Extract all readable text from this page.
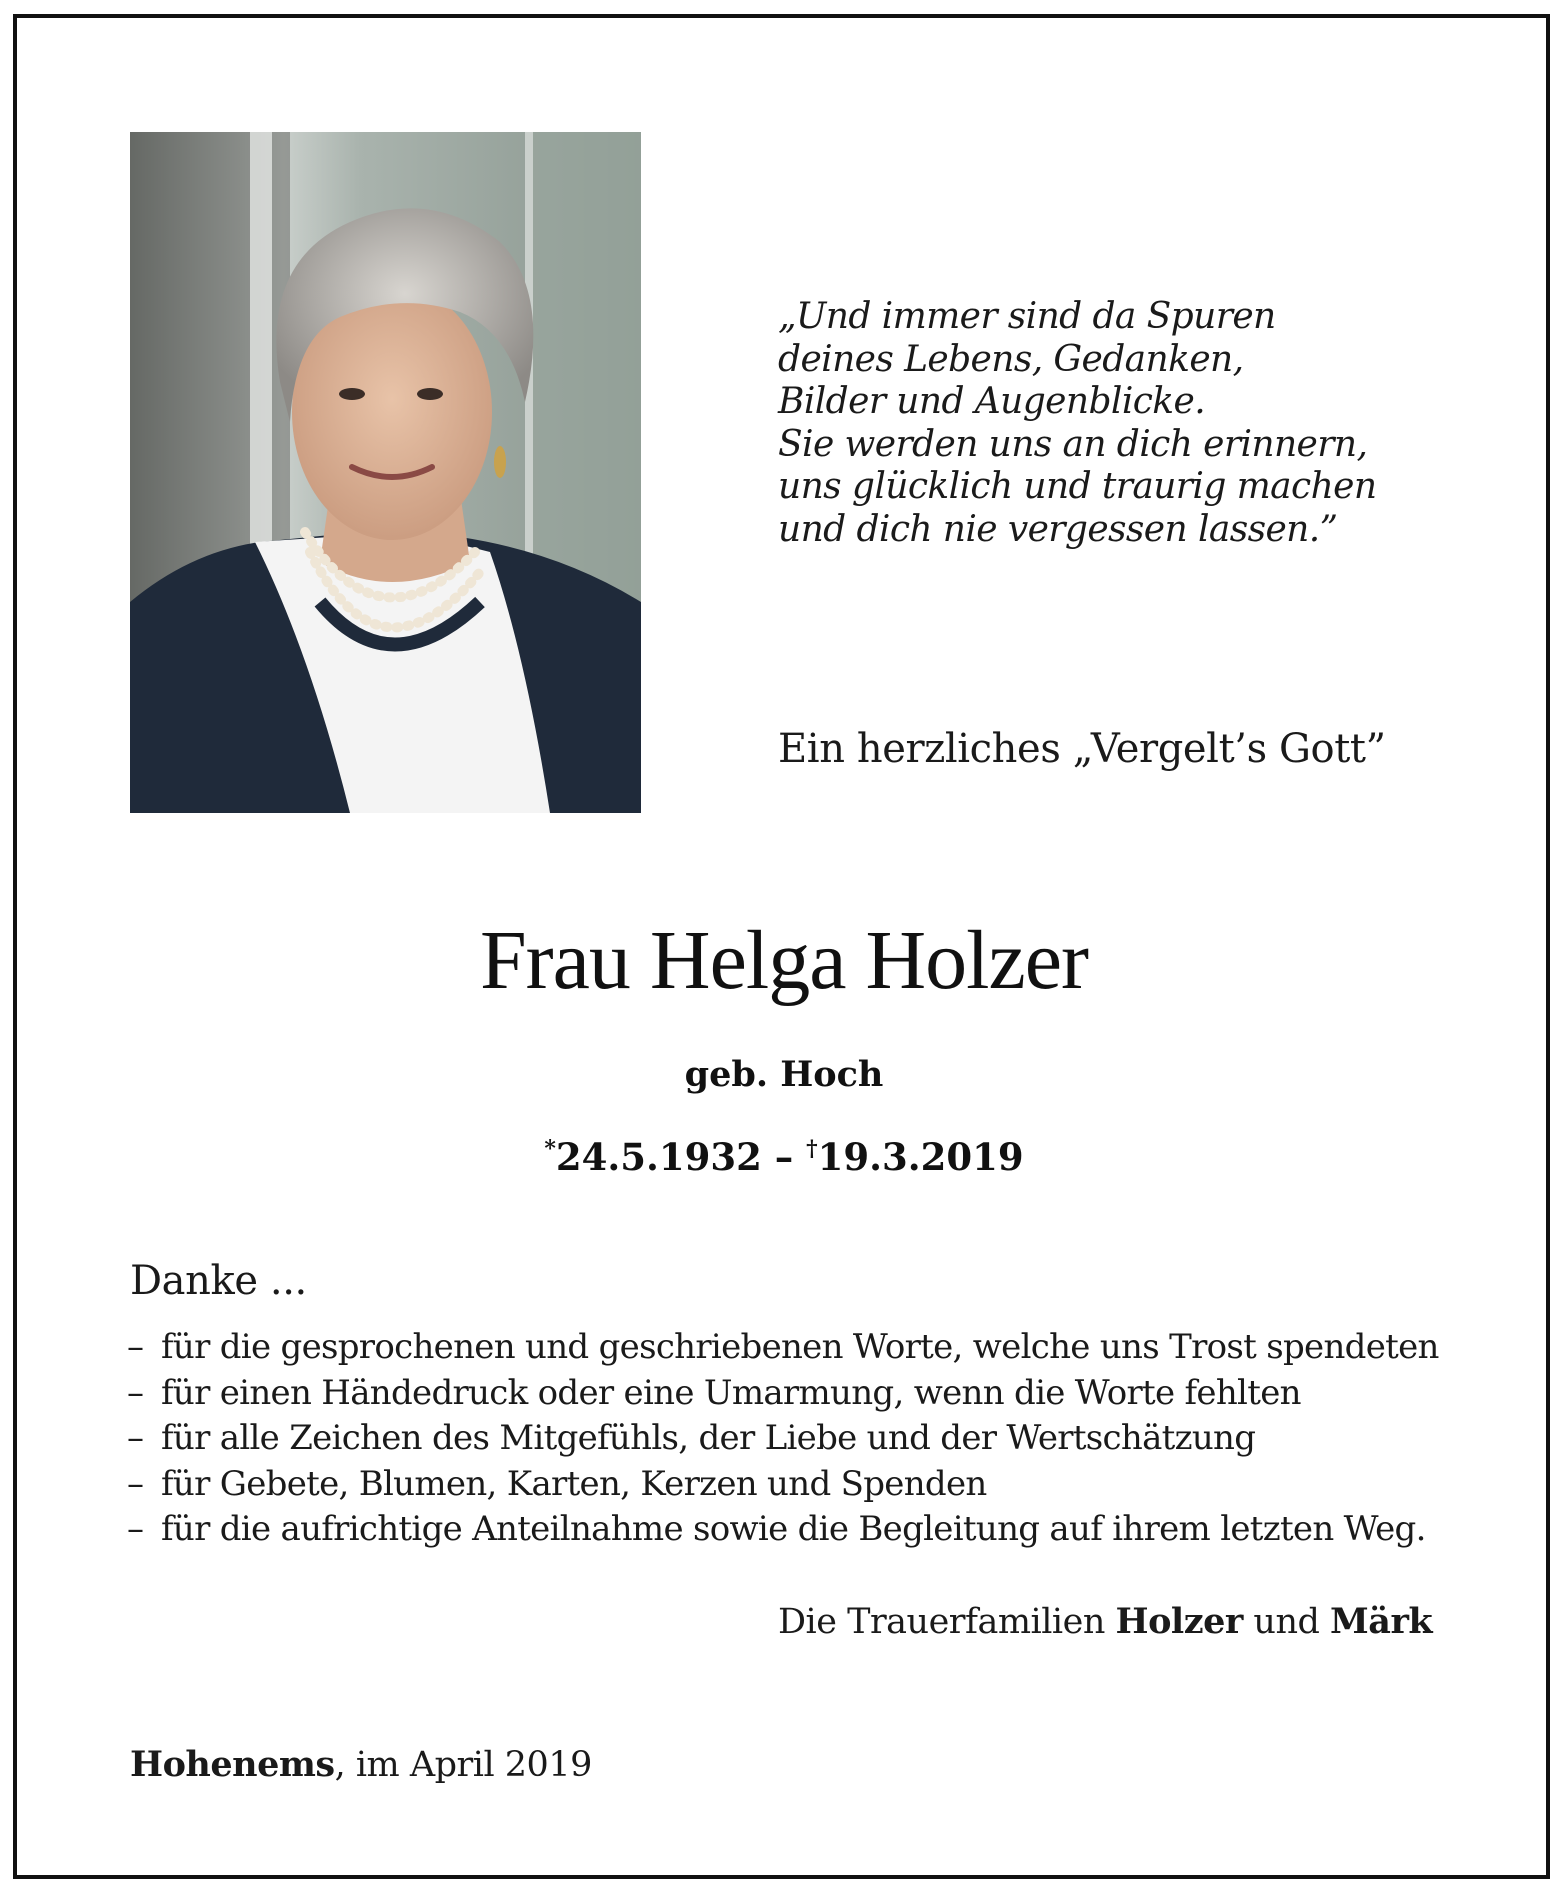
„Und immer sind da Spuren
deines Lebens, Gedanken,
Bilder und Augenblicke.
Sie werden uns an dich erinnern,
uns glücklich und traurig machen
und dich nie vergessen lassen.”
Ein herzliches „Vergelt’s Gott”
Frau Helga Holzer
geb. Hoch
*24.5.1932 – †19.3.2019
Danke ...
– für die gesprochenen und geschriebenen Worte, welche uns Trost spendeten
– für einen Händedruck oder eine Umarmung, wenn die Worte fehlten
– für alle Zeichen des Mitgefühls, der Liebe und der Wertschätzung
– für Gebete, Blumen, Karten, Kerzen und Spenden
– für die aufrichtige Anteilnahme sowie die Begleitung auf ihrem letzten Weg.
Die Trauerfamilien Holzer und Märk
Hohenems, im April 2019
